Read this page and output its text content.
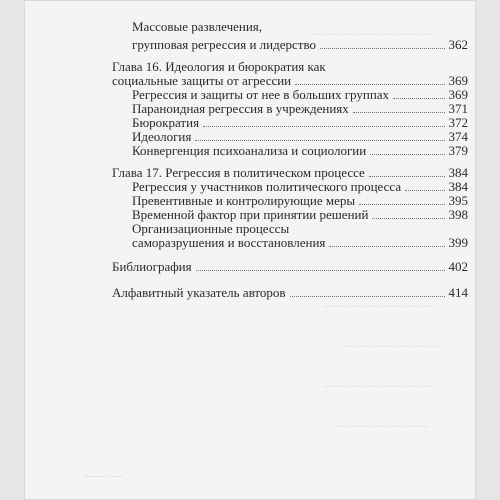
— — — — — — — — —
— — — — — — — —
— — — — — — —
— — — — — — — —
— — — — — — —
— — —
Массовые развлечения,
групповая регрессия и лидерство	362
Глава 16. Идеология и бюрократия как
социальные защиты от агрессии	369
Регрессия и защиты от нее в больших группах	369
Параноидная регрессия в учреждениях	371
Бюрократия	372
Идеология	374
Конвергенция психоанализа и социологии	379
Глава 17. Регрессия в политическом процессе	384
Регрессия у участников политического процесса	384
Превентивные и контролирующие меры	395
Временной фактор при принятии решений	398
Организационные процессы
саморазрушения и восстановления	399
Библиография	402
Алфавитный указатель авторов	414
